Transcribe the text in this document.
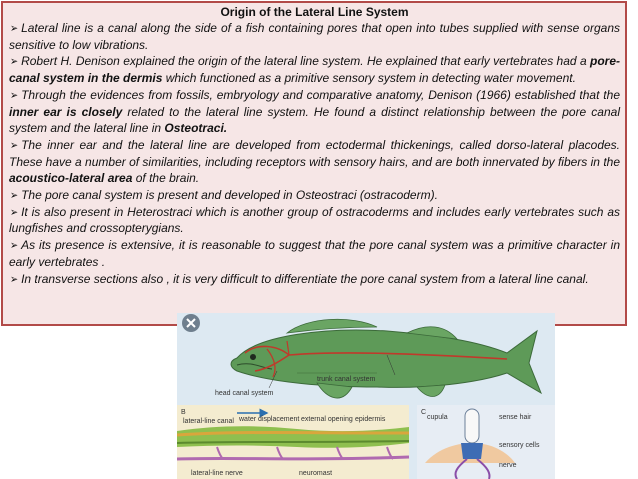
Origin of the Lateral Line System

➢ Lateral line is a canal along the side of a fish containing pores that open into tubes supplied with sense organs sensitive to low vibrations.

➢ Robert H. Denison explained the origin of the lateral line system. He explained that early vertebrates had a pore-canal system in the dermis which functioned as a primitive sensory system in detecting water movement.

➢ Through the evidences from fossils, embryology and comparative anatomy, Denison (1966) established that the inner ear is closely related to the lateral line system. He found a distinct relationship between the pore canal system and the lateral line in Osteotraci.

➢ The inner ear and the lateral line are developed from ectodermal thickenings, called dorso-lateral placodes. These have a number of similarities, including receptors with sensory hairs, and are both innervated by fibers in the acoustico-lateral area of the brain.

➢ The pore canal system is present and developed in Osteostraci (ostracoderm).

➢ It is also present in Heterostraci which is another group of ostracoderms and includes early vertebrates such as lungfishes and crossopterygians.

➢ As its presence is extensive, it is reasonable to suggest that the pore canal system was a primitive character in early vertebrates .

➢ In transverse sections also , it is very difficult to differentiate the pore canal system from a lateral line canal.

head canal system
trunk canal system
B
lateral-line canal water displacement external opening epidermis
lateral-line nerve	neuromast
C
cupula	sense hair
sensory cells
nerve
